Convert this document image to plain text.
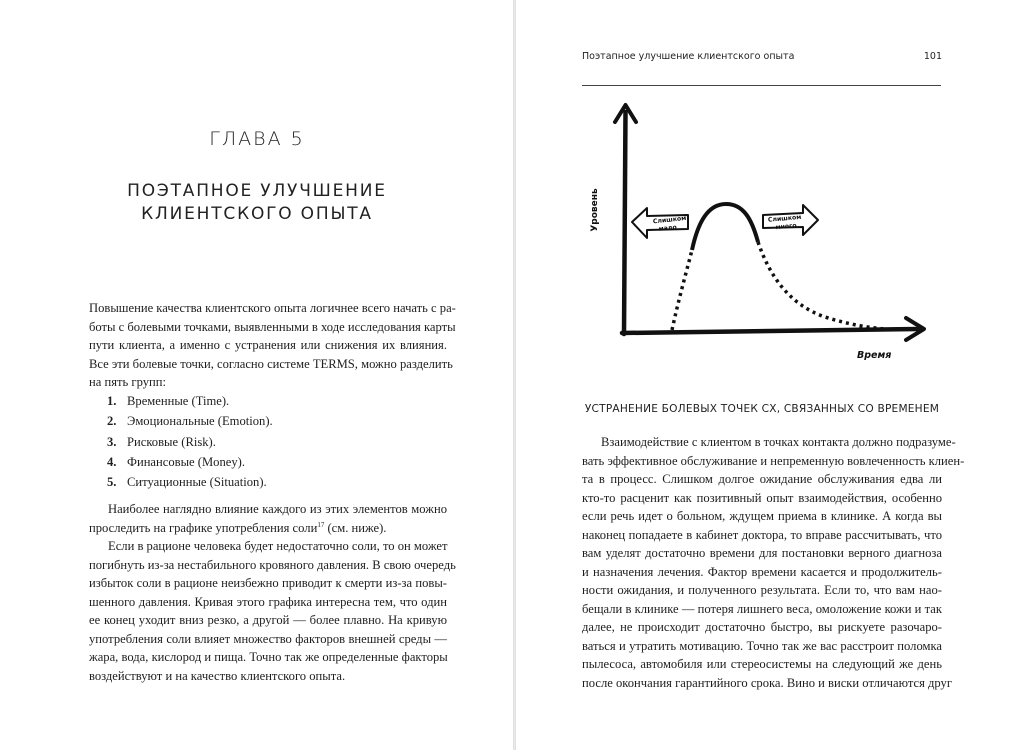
ГЛАВА 5
ПОЭТАПНОЕ УЛУЧШЕНИЕ
КЛИЕНТСКОГО ОПЫТА
Повышение качества клиентского опыта логичнее всего начать с ра-
боты с болевыми точками, выявленными в ходе исследования карты
пути клиента, а именно с устранения или снижения их влияния.
Все эти болевые точки, согласно системе TERMS, можно разделить
на пять групп:
1. Временные (Time).
2. Эмоциональные (Emotion).
3. Рисковые (Risk).
4. Финансовые (Money).
5. Ситуационные (Situation).
Наиболее наглядно влияние каждого из этих элементов можно
проследить на графике употребления соли$^{17}$ (см. ниже).
Если в рационе человека будет недостаточно соли, то он может
погибнуть из-за нестабильного кровяного давления. В свою очередь
избыток соли в рационе неизбежно приводит к смерти из-за повы-
шенного давления. Кривая этого графика интересна тем, что один
ее конец уходит вниз резко, а другой — более плавно. На кривую
употребления соли влияет множество факторов внешней среды —
жара, вода, кислород и пища. Точно так же определенные факторы
воздействуют и на качество клиентского опыта.
Поэтапное улучшение клиентского опыта	101
Уровень
Время
Слишком мало
Слишком много
УСТРАНЕНИЕ БОЛЕВЫХ ТОЧЕК CX, СВЯЗАННЫХ СО ВРЕМЕНЕМ
Взаимодействие с клиентом в точках контакта должно подразуме-
вать эффективное обслуживание и непременную вовлеченность клиен-
та в процесс. Слишком долгое ожидание обслуживания едва ли
кто-то расценит как позитивный опыт взаимодействия, особенно
если речь идет о больном, ждущем приема в клинике. А когда вы
наконец попадаете в кабинет доктора, то вправе рассчитывать, что
вам уделят достаточно времени для постановки верного диагноза
и назначения лечения. Фактор времени касается и продолжитель-
ности ожидания, и полученного результата. Если то, что вам нао-
бещали в клинике — потеря лишнего веса, омоложение кожи и так
далее, не происходит достаточно быстро, вы рискуете разочаро-
ваться и утратить мотивацию. Точно так же вас расстроит поломка
пылесоса, автомобиля или стереосистемы на следующий же день
после окончания гарантийного срока. Вино и виски отличаются друг
